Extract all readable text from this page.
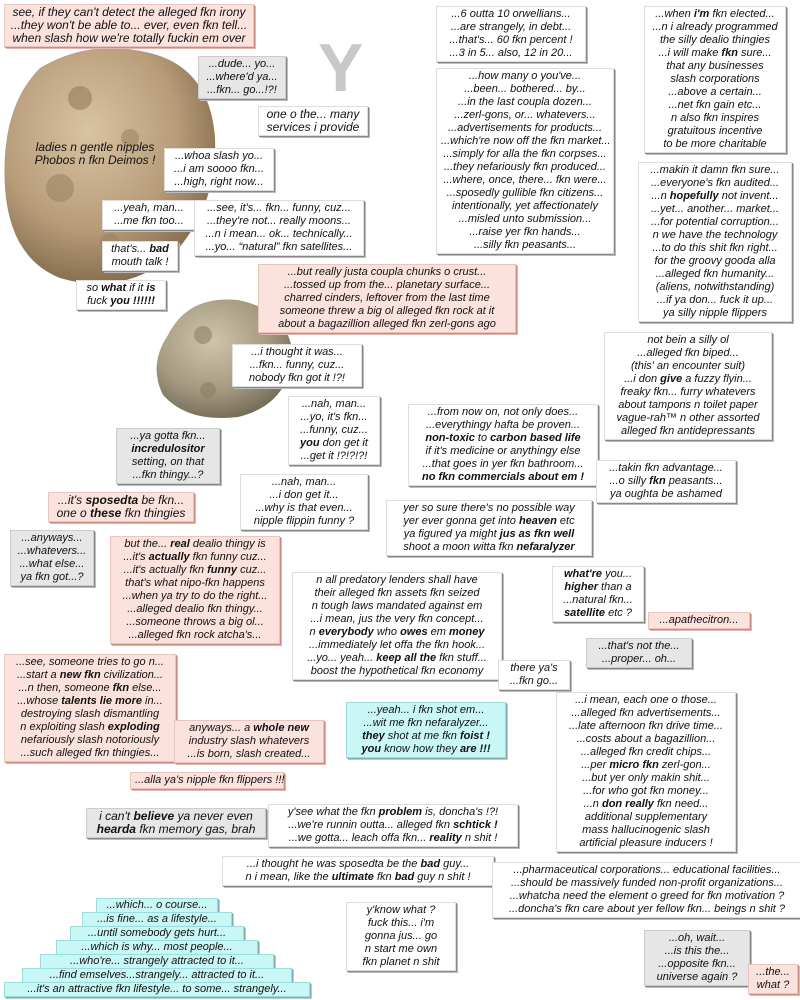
Y
see, if they can't detect the alleged fkn irony
...they won't be able to... ever, even fkn tell...
when slash how we're totally fuckin em over
...dude... yo...
...where'd ya...
...fkn... go...!?!
one o the... many
services i provide
ladies n gentle nipples
Phobos n fkn Deimos !	...whoa slash yo...
...i am soooo fkn...
...high, right now...
...yeah, man...
...me fkn too...
...see, it's... fkn... funny, cuz...
...they're not... really moons...
...n i mean... ok... technically...
...yo... “natural” fkn satellites...
that's... bad
mouth talk !
so what if it is
fuck you !!!!!!
...but really justa coupla chunks o crust...
...tossed up from the... planetary surface...
charred cinders, leftover from the last time
someone threw a big ol alleged fkn rock at it
about a bagazillion alleged fkn zerl-gons ago
...i thought it was...
...fkn... funny, cuz...
nobody fkn got it !?!
...nah, man...
...yo, it's fkn...
...funny, cuz...
you don get it
...get it !?!?!?!
...ya gotta fkn...
incredulositor
setting, on that
...fkn thingy...?
...nah, man...
...i don get it...
...why is that even...
nipple flippin funny ?
...it's sposedta be fkn...
one o these fkn thingies
...anyways...
...whatevers...
...what else...
ya fkn got...?
but the... real dealio thingy is
...it's actually fkn funny cuz...
...it's actually fkn funny cuz...
that's what nipo-fkn happens
...when ya try to do the right...
...alleged dealio fkn thingy...
...someone throws a big ol...
...alleged fkn rock atcha's...
...see, someone tries to go n...
...start a new fkn civilization...
...n then, someone fkn else...
...whose talents lie more in...
destroying slash dismantling
n exploiting slash exploding
nefariously slash notoriously
...such alleged fkn thingies...
anyways... a whole new
industry slash whatevers
...is born, slash created...
...alla ya's nipple fkn flippers !!!
...6 outta 10 orwellians...
...are strangely, in debt...
...that's... 60 fkn percent !
...3 in 5... also, 12 in 20...
...how many o you've...
...been... bothered... by...
...in the last coupla dozen...
...zerl-gons, or... whatevers...
...advertisements for products...
...which're now off the fkn market...
...simply for alla the fkn corpses...
...they nefariously fkn produced...
...where, once, there... fkn were...
...sposedly gullible fkn citizens...
intentionally, yet affectionately
...misled unto submission...
...raise yer fkn hands...
...silly fkn peasants...
...when i'm fkn elected...
...n i already programmed
the silly dealio thingies
...i will make fkn sure...
that any businesses
slash corporations
...above a certain...
...net fkn gain etc...
n also fkn inspires
gratuitous incentive
to be more charitable
...makin it damn fkn sure...
...everyone's fkn audited...
...n hopefully not invent...
...yet... another... market...
...for potential corruption...
n we have the technology
...to do this shit fkn right...
for the groovy gooda alla
...alleged fkn humanity...
(aliens, notwithstanding)
...if ya don... fuck it up...
ya silly nipple flippers
not bein a silly ol
...alleged fkn biped...
(this' an encounter suit)
...i don give a fuzzy flyin...
freaky fkn... furry whatevers
about tampons n toilet paper
vague-rah™ n other assorted
alleged fkn antidepressants
...from now on, not only does...
...everythingy hafta be proven...
non-toxic to carbon based life
if it's medicine or anythingy else
...that goes in yer fkn bathroom...
no fkn commercials about em !
...takin fkn advantage...
...o silly fkn peasants...
ya oughta be ashamed
yer so sure there's no possible way
yer ever gonna get into heaven etc
ya figured ya might jus as fkn well
shoot a moon witta fkn nefaralyzer
what're you...
higher than a
...natural fkn...
satellite etc ?
...apathecitron...
...that's not the...
...proper... oh...
n all predatory lenders shall have
their alleged fkn assets fkn seized
n tough laws mandated against em
...i mean, jus the very fkn concept...
n everybody who owes em money
...immediately let offa the fkn hook...
...yo... yeah... keep all the fkn stuff...
boost the hypothetical fkn economy	there ya's
...fkn go...
...yeah... i fkn shot em...
...wit me fkn nefaralyzer...
they shot at me fkn foist !
you know how they are !!!
...i mean, each one o those...
...alleged fkn advertisements...
...late afternoon fkn drive time...
...costs about a bagazillion...
...alleged fkn credit chips...
...per micro fkn zerl-gon...
...but yer only makin shit...
...for who got fkn money...
...n don really fkn need...
additional supplementary
mass hallucinogenic slash
artificial pleasure inducers !
i can't believe ya never even
hearda fkn memory gas, brah
y'see what the fkn problem is, doncha's !?!
...we're runnin outta... alleged fkn schtick !
...we gotta... leach offa fkn... reality n shit !
...i thought he was sposedta be the bad guy...
n i mean, like the ultimate fkn bad guy n shit !
...pharmaceutical corporations... educational facilities...
...should be massively funded non-profit organizations...
...whatcha need the element o greed for fkn motivation ?
...doncha's fkn care about yer fellow fkn... beings n shit ?
y'know what ?
fuck this... i'm
gonna jus... go
n start me own
fkn planet n shit
...which... o course...
...is fine... as a lifestyle...
...until somebody gets hurt...
...which is why... most people...
...who're... strangely attracted to it...
...find emselves...strangely... attracted to it...
...it's an attractive fkn lifestyle... to some... strangely...
...oh, wait...
...is this the...
...opposite fkn...
universe again ?	...the...
what ?
